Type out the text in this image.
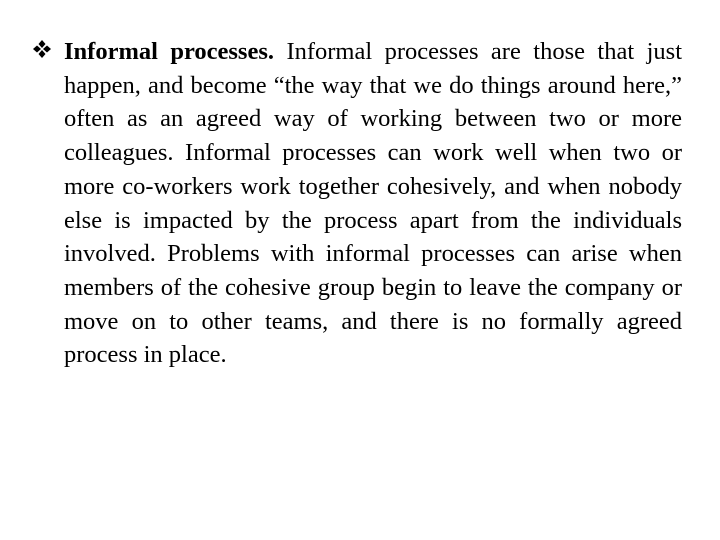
Informal processes. Informal processes are those that just happen, and become “the way that we do things around here,” often as an agreed way of working between two or more colleagues. Informal processes can work well when two or more co-workers work together cohesively, and when nobody else is impacted by the process apart from the individuals involved. Problems with informal processes can arise when members of the cohesive group begin to leave the company or move on to other teams, and there is no formally agreed process in place.
